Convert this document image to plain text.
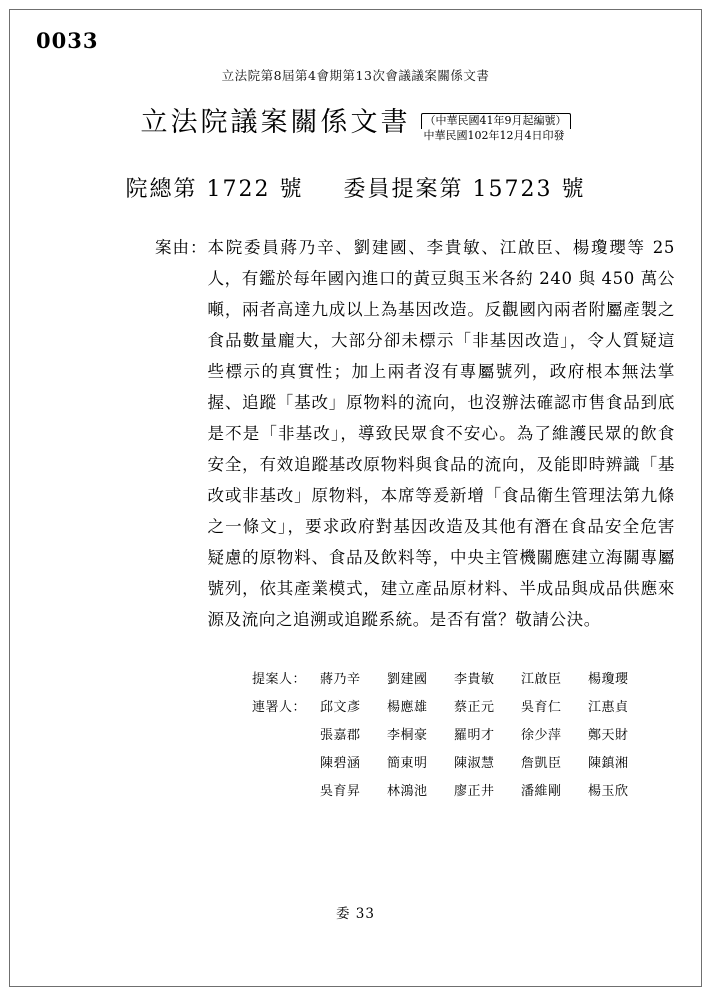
0033
立法院第8屆第4會期第13次會議議案關係文書
立法院議案關係文書	（中華民國41年9月起編號）
中華民國102年12月4日印發
院總第 1722 號 委員提案第 15723 號
案由： 本院委員蔣乃辛、劉建國、李貴敏、江啟臣、楊瓊瓔等 25 人，有鑑於每年國內進口的黃豆與玉米各約 240 與 450 萬公噸，兩者高達九成以上為基因改造。反觀國內兩者附屬產製之食品數量龐大，大部分卻未標示「非基因改造」，令人質疑這些標示的真實性；加上兩者沒有專屬號列，政府根本無法掌握、追蹤「基改」原物料的流向，也沒辦法確認市售食品到底是不是「非基改」，導致民眾食不安心。為了維護民眾的飲食安全，有效追蹤基改原物料與食品的流向，及能即時辨識「基改或非基改」原物料，本席等爰新增「食品衛生管理法第九條之一條文」，要求政府對基因改造及其他有潛在食品安全危害疑慮的原物料、食品及飲料等，中央主管機關應建立海關專屬號列，依其產業模式，建立產品原材料、半成品與成品供應來源及流向之追溯或追蹤系統。是否有當？敬請公決。
提案人：	蔣乃辛	劉建國	李貴敏	江啟臣	楊瓊瓔
連署人：	邱文彥	楊應雄	蔡正元	吳育仁	江惠貞
張嘉郡	李桐豪	羅明才	徐少萍	鄭天財
陳碧涵	簡東明	陳淑慧	詹凱臣	陳鎮湘
吳育昇	林鴻池	廖正井	潘維剛	楊玉欣
委 33
